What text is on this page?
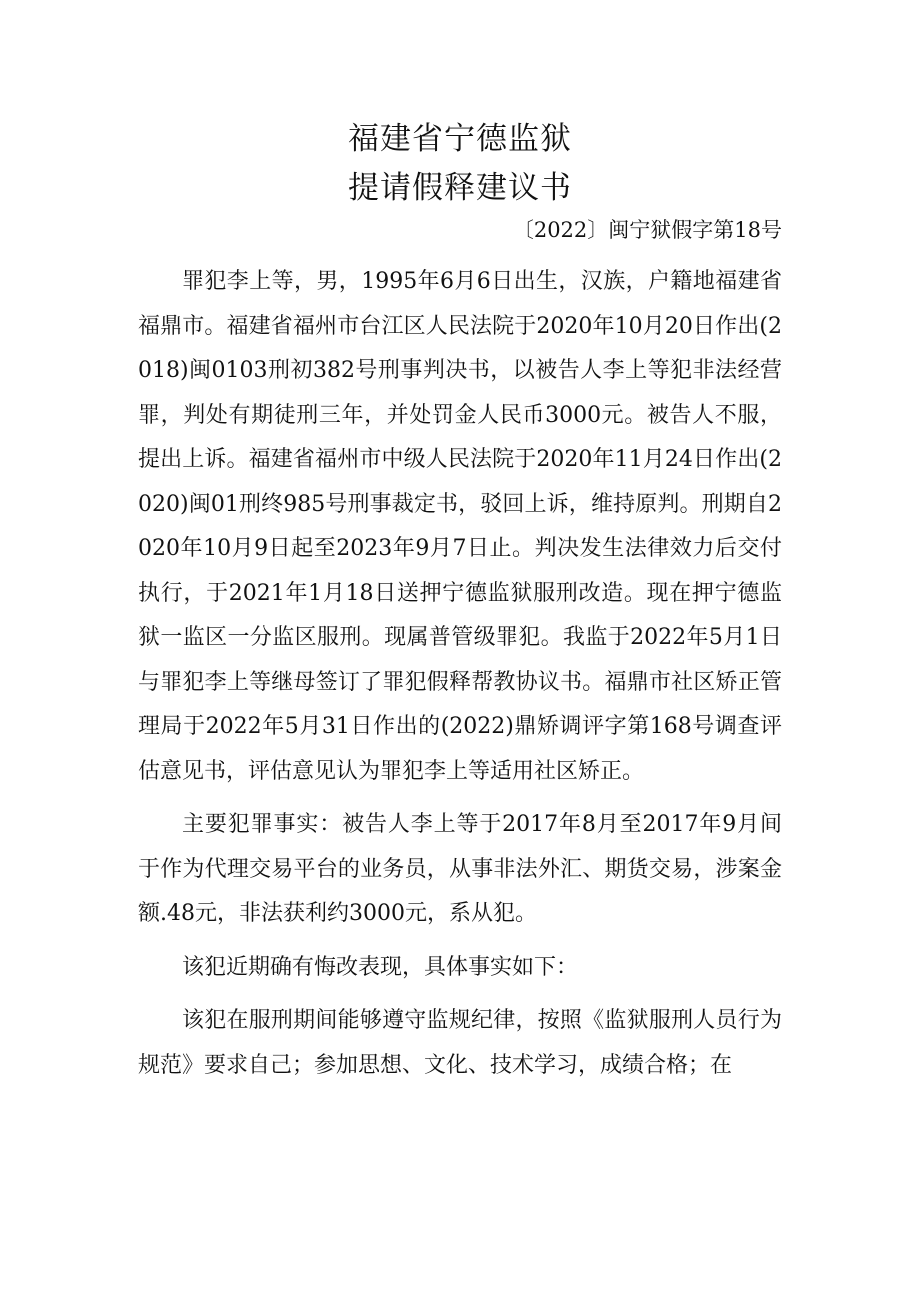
福建省宁德监狱
提请假释建议书
〔2022〕闽宁狱假字第18号

罪犯李上等，男，1995年6月6日出生，汉族，户籍地福建省福鼎市。福建省福州市台江区人民法院于2020年10月20日作出(2018)闽0103刑初382号刑事判决书，以被告人李上等犯非法经营罪，判处有期徒刑三年，并处罚金人民币3000元。被告人不服，提出上诉。福建省福州市中级人民法院于2020年11月24日作出(2020)闽01刑终985号刑事裁定书，驳回上诉，维持原判。刑期自2020年10月9日起至2023年9月7日止。判决发生法律效力后交付执行，于2021年1月18日送押宁德监狱服刑改造。现在押宁德监狱一监区一分监区服刑。现属普管级罪犯。我监于2022年5月1日与罪犯李上等继母签订了罪犯假释帮教协议书。福鼎市社区矫正管理局于2022年5月31日作出的(2022)鼎矫调评字第168号调查评估意见书，评估意见认为罪犯李上等适用社区矫正。

主要犯罪事实：被告人李上等于2017年8月至2017年9月间于作为代理交易平台的业务员，从事非法外汇、期货交易，涉案金额.48元，非法获利约3000元，系从犯。

该犯近期确有悔改表现，具体事实如下：

该犯在服刑期间能够遵守监规纪律，按照《监狱服刑人员行为规范》要求自己；参加思想、文化、技术学习，成绩合格；在
